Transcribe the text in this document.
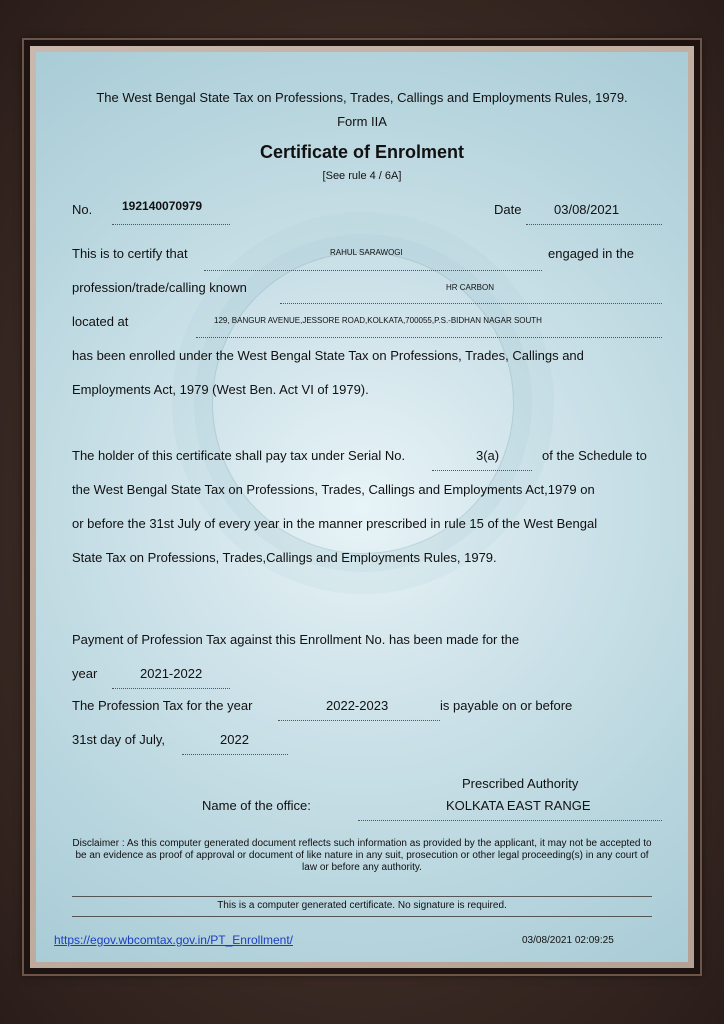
The West Bengal State Tax on Professions, Trades, Callings and Employments Rules, 1979.
Form IIA
Certificate of Enrolment
[See rule 4 / 6A]
No. 192140070979	Date	03/08/2021
This is to certify that	RAHUL SARAWOGI	engaged in the
profession/trade/calling known	HR CARBON
located at	129, BANGUR AVENUE,JESSORE ROAD,KOLKATA,700055,P.S.-BIDHAN NAGAR SOUTH
has been enrolled under the West Bengal State Tax on Professions, Trades, Callings and
Employments Act, 1979 (West Ben. Act VI of 1979).
The holder of this certificate shall pay tax under Serial No.	3(a)	of the Schedule to
the West Bengal State Tax on Professions, Trades, Callings and Employments Act,1979 on
or before the 31st July of every year in the manner prescribed in rule 15 of the West Bengal
State Tax on Professions, Trades,Callings and Employments Rules, 1979.
Payment of Profession Tax against this Enrollment No. has been made for the
year	2021-2022
The Profession Tax for the year	2022-2023	is payable on or before
31st day of July,	2022
Prescribed Authority
Name of the office:	KOLKATA EAST RANGE
Disclaimer : As this computer generated document reflects such information as provided by the applicant, it may not be accepted to be an evidence as proof of approval or document of like nature in any suit, prosecution or other legal proceeding(s) in any court of law or before any authority.
This is a computer generated certificate. No signature is required.
https://egov.wbcomtax.gov.in/PT_Enrollment/	03/08/2021 02:09:25
